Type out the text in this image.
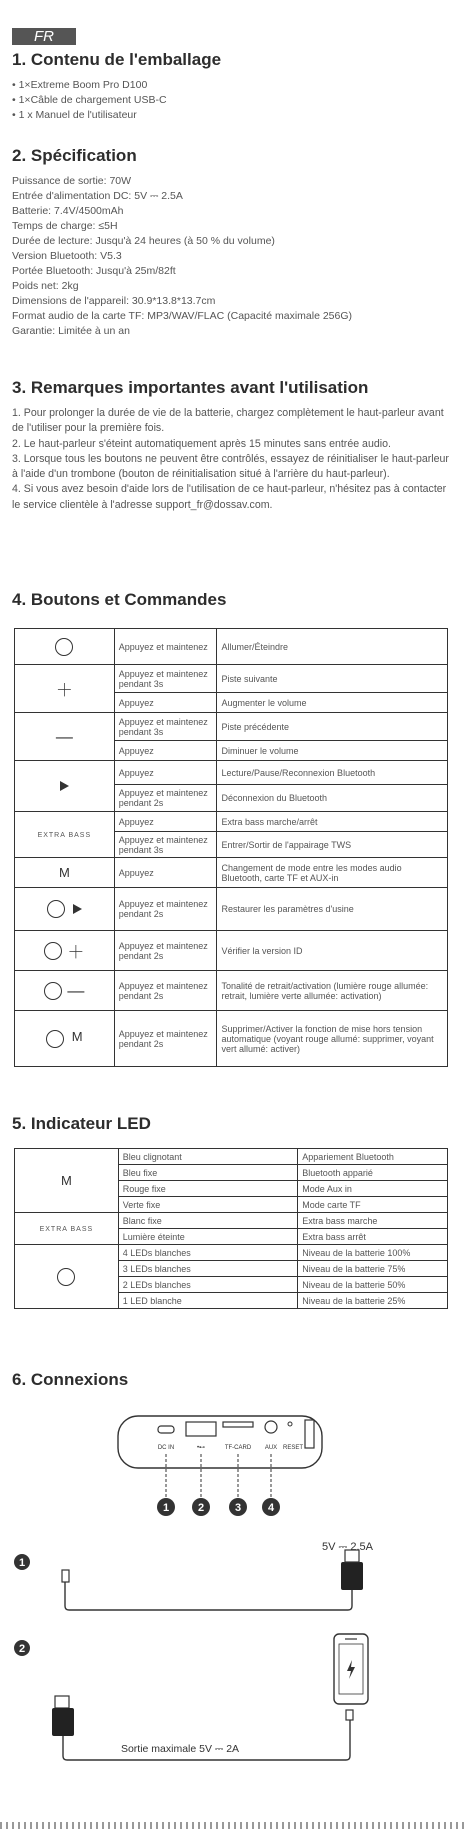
FR
1. Contenu de l'emballage
• 1×Extreme Boom Pro D100
• 1×Câble de chargement USB-C
• 1 x Manuel de l'utilisateur
2. Spécification
Puissance de sortie: 70W
Entrée d'alimentation DC: 5V ⎓ 2.5A
Batterie: 7.4V/4500mAh
Temps de charge: ≤5H
Durée de lecture: Jusqu'à 24 heures (à 50 % du volume)
Version Bluetooth: V5.3
Portée Bluetooth: Jusqu'à 25m/82ft
Poids net: 2kg
Dimensions de l'appareil: 30.9*13.8*13.7cm
Format audio de la carte TF: MP3/WAV/FLAC (Capacité maximale 256G)
Garantie: Limitée à un an
3. Remarques importantes avant l'utilisation
1. Pour prolonger la durée de vie de la batterie, chargez complètement le haut-parleur avant de l'utiliser pour la première fois.
2. Le haut-parleur s'éteint automatiquement après 15 minutes sans entrée audio.
3. Lorsque tous les boutons ne peuvent être contrôlés, essayez de réinitialiser le haut-parleur à l'aide d'un trombone (bouton de réinitialisation situé à l'arrière du haut-parleur).
4. Si vous avez besoin d'aide lors de l'utilisation de ce haut-parleur, n'hésitez pas à contacter le service clientèle à l'adresse support_fr@dossav.com.
4. Boutons et Commandes
	Appuyez et maintenez	Allumer/Éteindre
＋	Appuyez et maintenez pendant 3s	Piste suivante
	Appuyez	Augmenter le volume
—	Appuyez et maintenez pendant 3s	Piste précédente
	Appuyez	Diminuer le volume
	Appuyez	Lecture/Pause/Reconnexion Bluetooth
	Appuyez et maintenez pendant 2s	Déconnexion du Bluetooth
EXTRA BASS	Appuyez	Extra bass marche/arrêt
	Appuyez et maintenez pendant 3s	Entrer/Sortir de l'appairage TWS
M	Appuyez	Changement de mode entre les modes audio Bluetooth, carte TF et AUX-in
	Appuyez et maintenez pendant 2s	Restaurer les paramètres d'usine
＋	Appuyez et maintenez pendant 2s	Vérifier la version ID
—	Appuyez et maintenez pendant 2s	Tonalité de retrait/activation (lumière rouge allumée: retrait, lumière verte allumée: activation)
M	Appuyez et maintenez pendant 2s	Supprimer/Activer la fonction de mise hors tension automatique (voyant rouge allumé: supprimer, voyant vert allumé: activer)
5. Indicateur LED
M	Bleu clignotant	Appariement Bluetooth
	Bleu fixe	Bluetooth apparié
	Rouge fixe	Mode Aux in
	Verte fixe	Mode carte TF
EXTRA BASS	Blanc fixe	Extra bass marche
	Lumière éteinte	Extra bass arrêt
	4 LEDs blanches	Niveau de la batterie 100%
	3 LEDs blanches	Niveau de la batterie 75%
	2 LEDs blanches	Niveau de la batterie 50%
	1 LED blanche	Niveau de la batterie 25%
6. Connexions
DC IN	•⊷	TF-CARD AUX RESET
1	2	3 4
1
5V ⎓ 2.5A
2
Sortie maximale 5V ⎓ 2A
